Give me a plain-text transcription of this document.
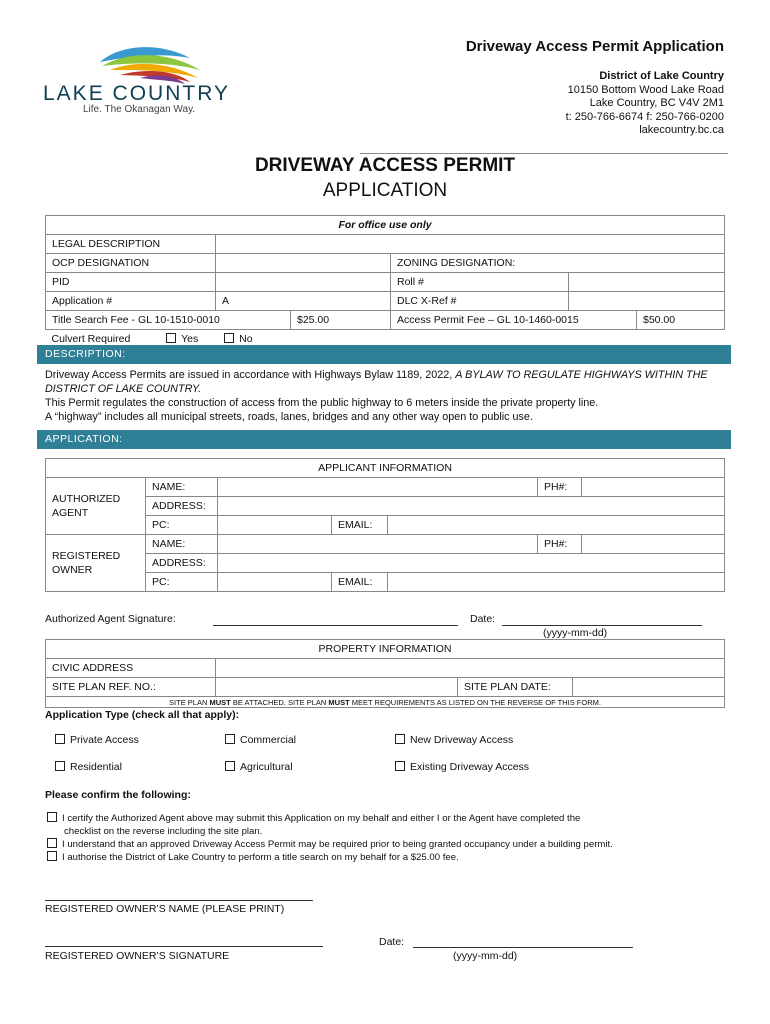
LAKE COUNTRY
Life. The Okanagan Way.
Driveway Access Permit Application
District of Lake Country
10150 Bottom Wood Lake Road
Lake Country, BC V4V 2M1
t: 250-766-6674 f: 250-766-0200
lakecountry.bc.ca
DRIVEWAY ACCESS PERMIT
APPLICATION
For office use only					
LEGAL DESCRIPTION					
OCP DESIGNATION			ZONING DESIGNATION:		
PID			Roll #		
Application #	A		DLC X-Ref #		
Title Search Fee - GL 10-1510-0010		$25.00	Access Permit Fee – GL 10-1460-0015		$50.00
Culvert Required Yes No					
DESCRIPTION:
Driveway Access Permits are issued in accordance with Highways Bylaw 1189, 2022, A BYLAW TO REGULATE HIGHWAYS WITHIN THE DISTRICT OF LAKE COUNTRY.
This Permit regulates the construction of access from the public highway to 6 meters inside the private property line.
A “highway” includes all municipal streets, roads, lanes, bridges and any other way open to public use.
APPLICATION:
APPLICANT INFORMATION						
AUTHORIZED AGENT	NAME:				PH#:	
	ADDRESS:					
	PC:		EMAIL:			
REGISTERED OWNER	NAME:				PH#:	
	ADDRESS:					
	PC:		EMAIL:			
Authorized Agent Signature:	Date:
(yyyy-mm-dd)
PROPERTY INFORMATION			
CIVIC ADDRESS			
SITE PLAN REF. NO.:		SITE PLAN DATE:	
SITE PLAN MUST BE ATTACHED. SITE PLAN MUST MEET REQUIREMENTS AS LISTED ON THE REVERSE OF THIS FORM.			
Application Type (check all that apply):
Private Access	Commercial	New Driveway Access
Residential	Agricultural	Existing Driveway Access
Please confirm the following:
I certify the Authorized Agent above may submit this Application on my behalf and either I or the Agent have completed the
checklist on the reverse including the site plan.
I understand that an approved Driveway Access Permit may be required prior to being granted occupancy under a building permit.
I authorise the District of Lake Country to perform a title search on my behalf for a $25.00 fee.
REGISTERED OWNER’S NAME (PLEASE PRINT)
REGISTERED OWNER’S SIGNATURE
Date:
(yyyy-mm-dd)
